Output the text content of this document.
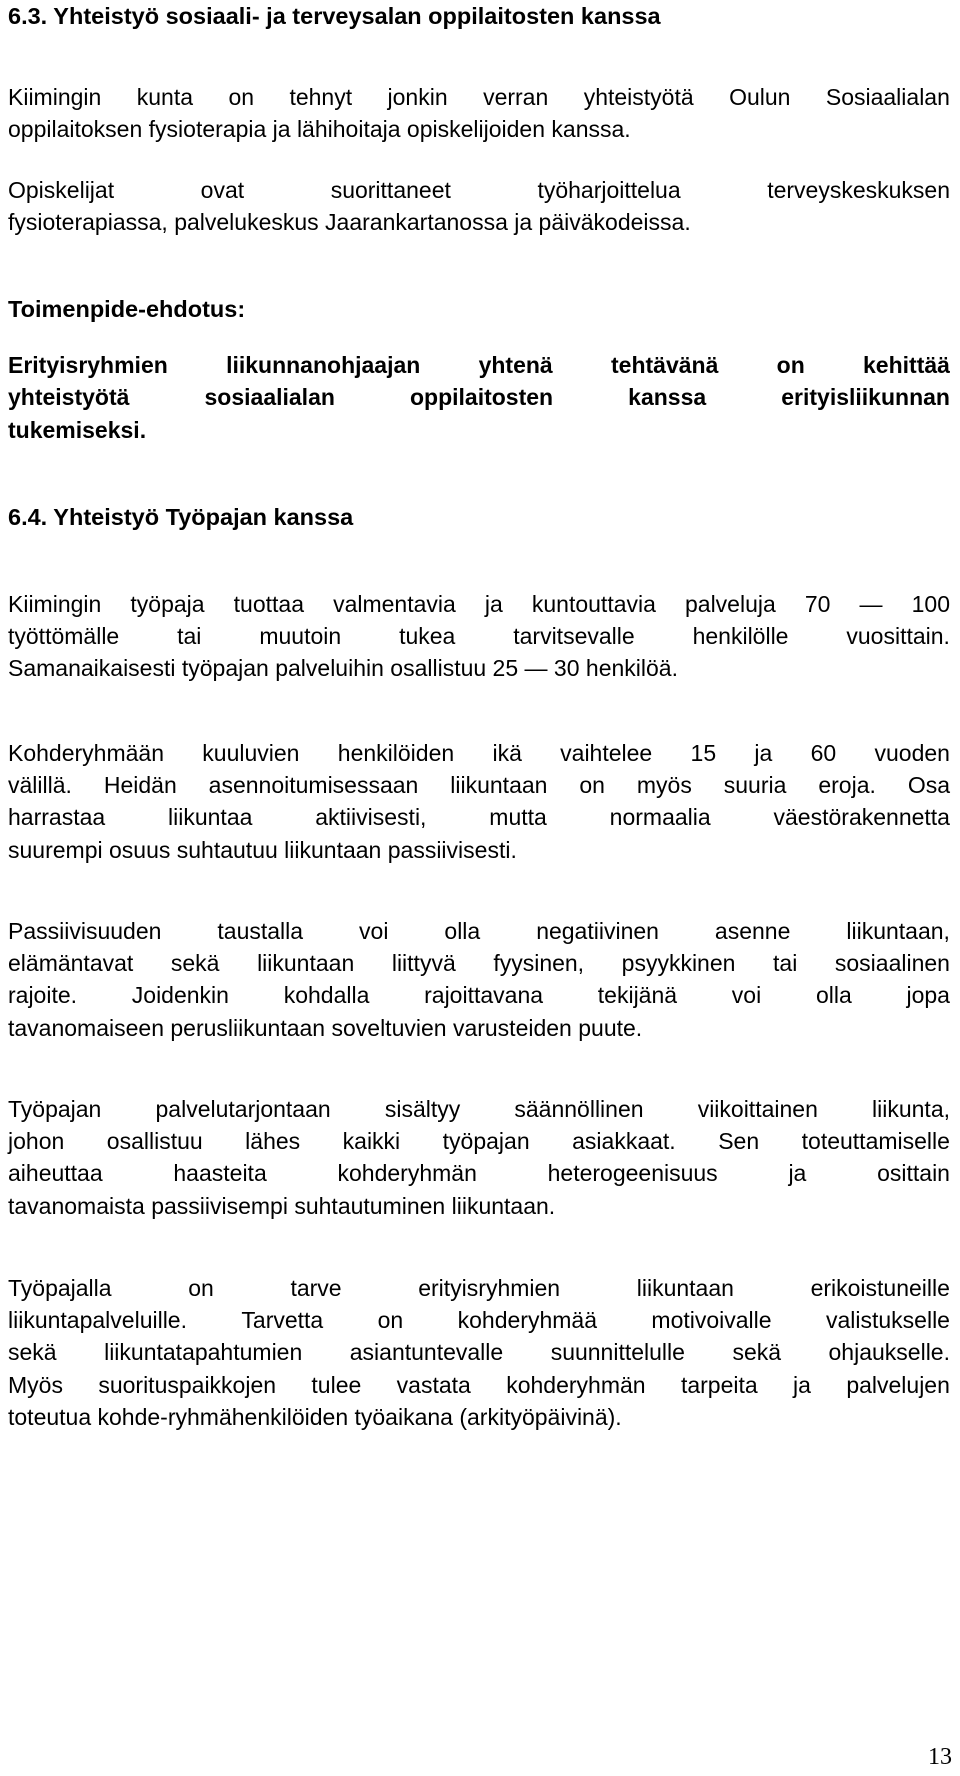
6.3. Yhteistyö sosiaali- ja terveysalan oppilaitosten kanssa
Kiimingin kunta on tehnyt jonkin verran yhteistyötä Oulun Sosiaalialan
oppilaitoksen fysioterapia ja lähihoitaja opiskelijoiden kanssa.
Opiskelijat	ovat	suorittaneet	työharjoittelua	terveyskeskuksen
fysioterapiassa, palvelukeskus Jaarankartanossa ja päiväkodeissa.
Toimenpide-ehdotus:
Erityisryhmien	liikunnanohjaajan	yhtenä	tehtävänä	on	kehittää
yhteistyötä	sosiaalialan	oppilaitosten	kanssa	erityisliikunnan
tukemiseksi.
6.4. Yhteistyö Työpajan kanssa
Kiimingin työpaja tuottaa valmentavia ja kuntouttavia palveluja 70 — 100
työttömälle	tai	muutoin	tukea	tarvitsevalle	henkilölle	vuosittain.
Samanaikaisesti työpajan palveluihin osallistuu 25 — 30 henkilöä.
Kohderyhmään kuuluvien henkilöiden ikä vaihtelee 15 ja 60 vuoden
välillä. Heidän asennoitumisessaan liikuntaan on myös suuria eroja. Osa
harrastaa	liikuntaa	aktiivisesti,	mutta	normaalia	väestörakennetta
suurempi osuus suhtautuu liikuntaan passiivisesti.
Passiivisuuden taustalla voi olla negatiivinen asenne liikuntaan,
elämäntavat sekä liikuntaan liittyvä fyysinen, psyykkinen tai sosiaalinen
rajoite. Joidenkin kohdalla rajoittavana tekijänä voi olla jopa
tavanomaiseen perusliikuntaan soveltuvien varusteiden puute.
Työpajan palvelutarjontaan sisältyy säännöllinen viikoittainen liikunta,
johon osallistuu lähes kaikki työpajan asiakkaat. Sen toteuttamiselle
aiheuttaa	haasteita	kohderyhmän	heterogeenisuus	ja	osittain
tavanomaista passiivisempi suhtautuminen liikuntaan.
Työpajalla	on	tarve	erityisryhmien	liikuntaan	erikoistuneille
liikuntapalveluille. Tarvetta on kohderyhmää motivoivalle valistukselle
sekä liikuntatapahtumien asiantuntevalle suunnittelulle sekä ohjaukselle.
Myös suorituspaikkojen tulee vastata kohderyhmän tarpeita ja palvelujen
toteutua kohde-ryhmähenkilöiden työaikana (arkityöpäivinä).

13
